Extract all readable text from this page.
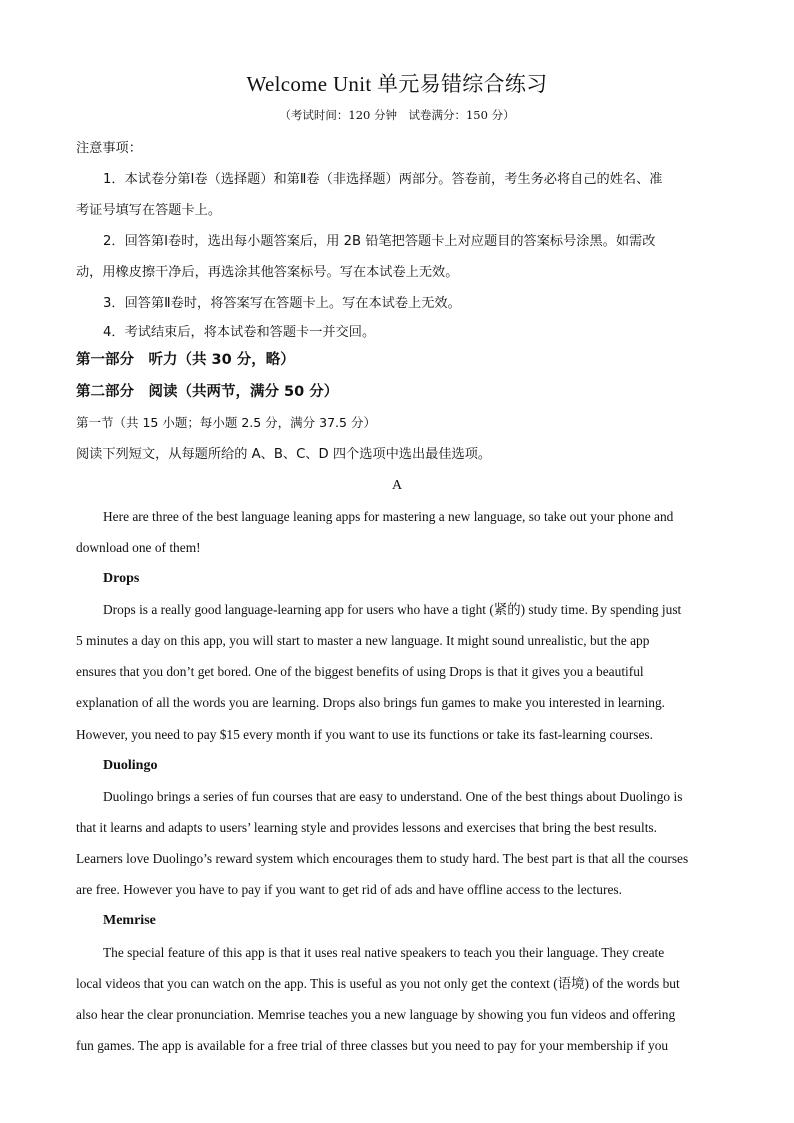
Welcome Unit 单元易错综合练习
（考试时间：120 分钟　试卷满分：150 分）
注意事项：
1．本试卷分第Ⅰ卷（选择题）和第Ⅱ卷（非选择题）两部分。答卷前，考生务必将自己的姓名、准
考证号填写在答题卡上。
2．回答第Ⅰ卷时，选出每小题答案后，用 2B 铅笔把答题卡上对应题目的答案标号涂黑。如需改
动，用橡皮擦干净后，再选涂其他答案标号。写在本试卷上无效。
3．回答第Ⅱ卷时，将答案写在答题卡上。写在本试卷上无效。
4．考试结束后，将本试卷和答题卡一并交回。
第一部分　听力（共 30 分，略）
第二部分　阅读（共两节，满分 50 分）
第一节（共 15 小题；每小题 2.5 分，满分 37.5 分）
阅读下列短文，从每题所给的 A、B、C、D 四个选项中选出最佳选项。
A
Here are three of the best language leaning apps for mastering a new language, so take out your phone and
download one of them!
Drops
Drops is a really good language-learning app for users who have a tight (紧的) study time. By spending just
5 minutes a day on this app, you will start to master a new language. It might sound unrealistic, but the app
ensures that you don’t get bored. One of the biggest benefits of using Drops is that it gives you a beautiful
explanation of all the words you are learning. Drops also brings fun games to make you interested in learning.
However, you need to pay $15 every month if you want to use its functions or take its fast-learning courses.
Duolingo
Duolingo brings a series of fun courses that are easy to understand. One of the best things about Duolingo is
that it learns and adapts to users’ learning style and provides lessons and exercises that bring the best results.
Learners love Duolingo’s reward system which encourages them to study hard. The best part is that all the courses
are free. However you have to pay if you want to get rid of ads and have offline access to the lectures.
Memrise
The special feature of this app is that it uses real native speakers to teach you their language. They create
local videos that you can watch on the app. This is useful as you not only get the context (语境) of the words but
also hear the clear pronunciation. Memrise teaches you a new language by showing you fun videos and offering
fun games. The app is available for a free trial of three classes but you need to pay for your membership if you
